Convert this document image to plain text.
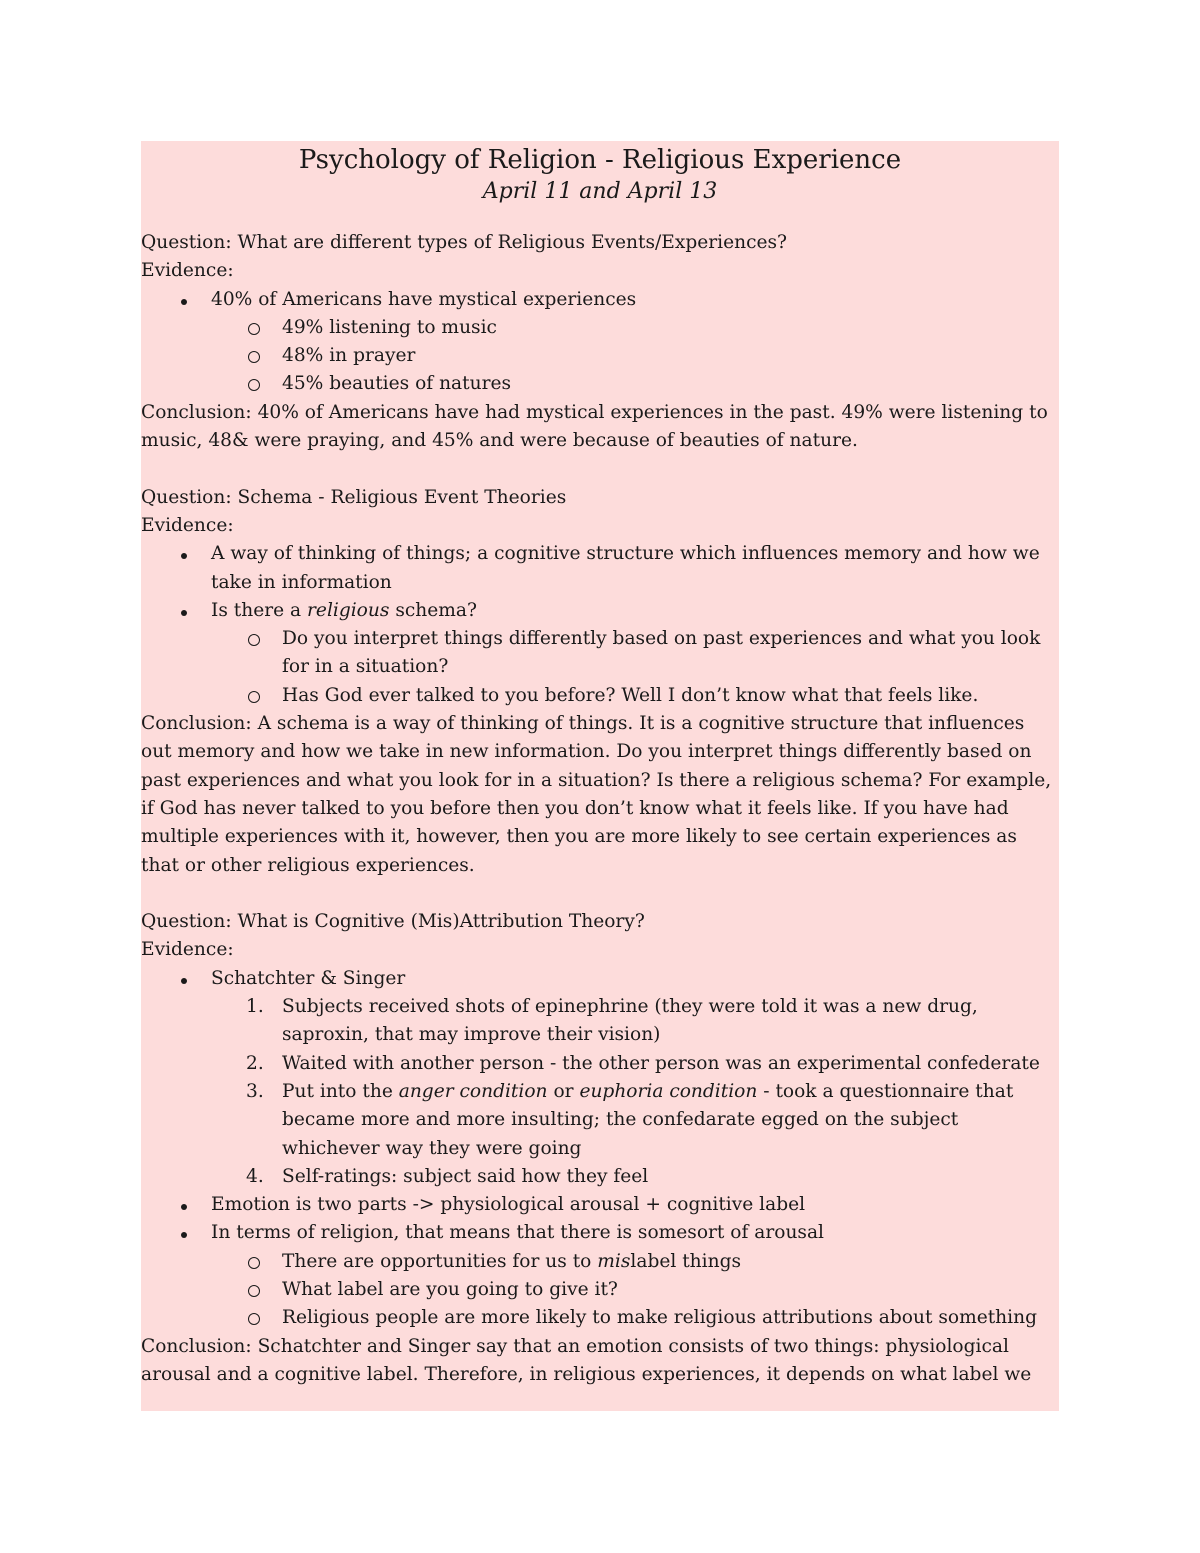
Psychology of Religion - Religious Experience
April 11 and April 13
Question: What are different types of Religious Events/Experiences?
Evidence:
40% of Americans have mystical experiences
49% listening to music
48% in prayer
45% beauties of natures
Conclusion: 40% of Americans have had mystical experiences in the past. 49% were listening to music, 48& were praying, and 45% and were because of beauties of nature.
Question: Schema - Religious Event Theories
Evidence:
A way of thinking of things; a cognitive structure which influences memory and how we take in information
Is there a religious schema?
Do you interpret things differently based on past experiences and what you look for in a situation?
Has God ever talked to you before? Well I don’t know what that feels like.
Conclusion: A schema is a way of thinking of things. It is a cognitive structure that influences out memory and how we take in new information. Do you interpret things differently based on past experiences and what you look for in a situation? Is there a religious schema? For example, if God has never talked to you before then you don’t know what it feels like. If you have had multiple experiences with it, however, then you are more likely to see certain experiences as that or other religious experiences.
Question: What is Cognitive (Mis)Attribution Theory?
Evidence:
Schatchter & Singer
1. Subjects received shots of epinephrine (they were told it was a new drug, saproxin, that may improve their vision)
2. Waited with another person - the other person was an experimental confederate
3. Put into the anger condition or euphoria condition - took a questionnaire that became more and more insulting; the confedarate egged on the subject whichever way they were going
4. Self-ratings: subject said how they feel
Emotion is two parts -> physiological arousal + cognitive label
In terms of religion, that means that there is somesort of arousal
There are opportunities for us to mislabel things
What label are you going to give it?
Religious people are more likely to make religious attributions about something
Conclusion: Schatchter and Singer say that an emotion consists of two things: physiological arousal and a cognitive label. Therefore, in religious experiences, it depends on what label we
